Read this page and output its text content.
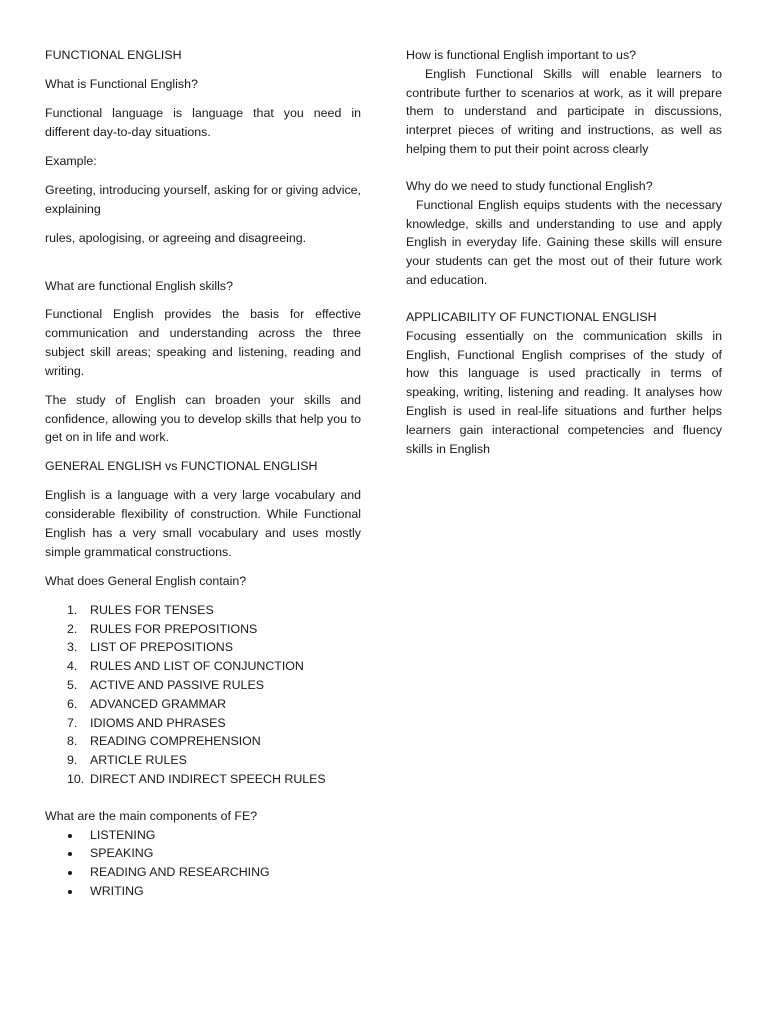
FUNCTIONAL ENGLISH

What is Functional English?

Functional language is language that you need in different day-to-day situations.

Example:

Greeting, introducing yourself, asking for or giving advice, explaining

rules, apologising, or agreeing and disagreeing.

What are functional English skills?

Functional English provides the basis for effective communication and understanding across the three subject skill areas; speaking and listening, reading and writing.

The study of English can broaden your skills and confidence, allowing you to develop skills that help you to get on in life and work.

GENERAL ENGLISH vs FUNCTIONAL ENGLISH

English is a language with a very large vocabulary and considerable flexibility of construction. While Functional English has a very small vocabulary and uses mostly simple grammatical constructions.

What does General English contain?

1. RULES FOR TENSES
2. RULES FOR PREPOSITIONS
3. LIST OF PREPOSITIONS
4. RULES AND LIST OF CONJUNCTION
5. ACTIVE AND PASSIVE RULES
6. ADVANCED GRAMMAR
7. IDIOMS AND PHRASES
8. READING COMPREHENSION
9. ARTICLE RULES
10. DIRECT AND INDIRECT SPEECH RULES

What are the main components of FE?

LISTENING
SPEAKING
READING AND RESEARCHING
WRITING

How is functional English important to us?

English Functional Skills will enable learners to contribute further to scenarios at work, as it will prepare them to understand and participate in discussions, interpret pieces of writing and instructions, as well as helping them to put their point across clearly

Why do we need to study functional English?

Functional English equips students with the necessary knowledge, skills and understanding to use and apply English in everyday life. Gaining these skills will ensure your students can get the most out of their future work and education.

APPLICABILITY OF FUNCTIONAL ENGLISH

Focusing essentially on the communication skills in English, Functional English comprises of the study of how this language is used practically in terms of speaking, writing, listening and reading. It analyses how English is used in real-life situations and further helps learners gain interactional competencies and fluency skills in English
